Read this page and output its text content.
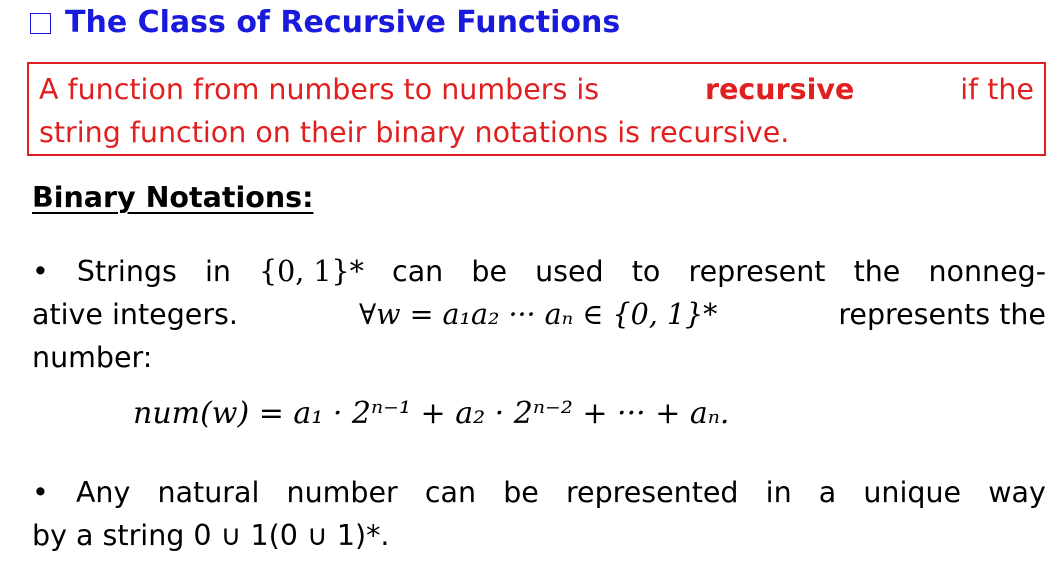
The Class of Recursive Functions
A function from numbers to numbers is	recursive	if the
string function on their binary notations is recursive.
Binary Notations:
• Strings in {0, 1}* can be used to represent the nonneg-
ative integers.	∀w = a₁a₂ ··· aₙ ∈ {0, 1}*	represents the
number:
num(w) = a₁ · 2ⁿ⁻¹ + a₂ · 2ⁿ⁻² + ··· + aₙ.
• Any natural number can be represented in a unique way
by a string 0 ∪ 1(0 ∪ 1)*.
